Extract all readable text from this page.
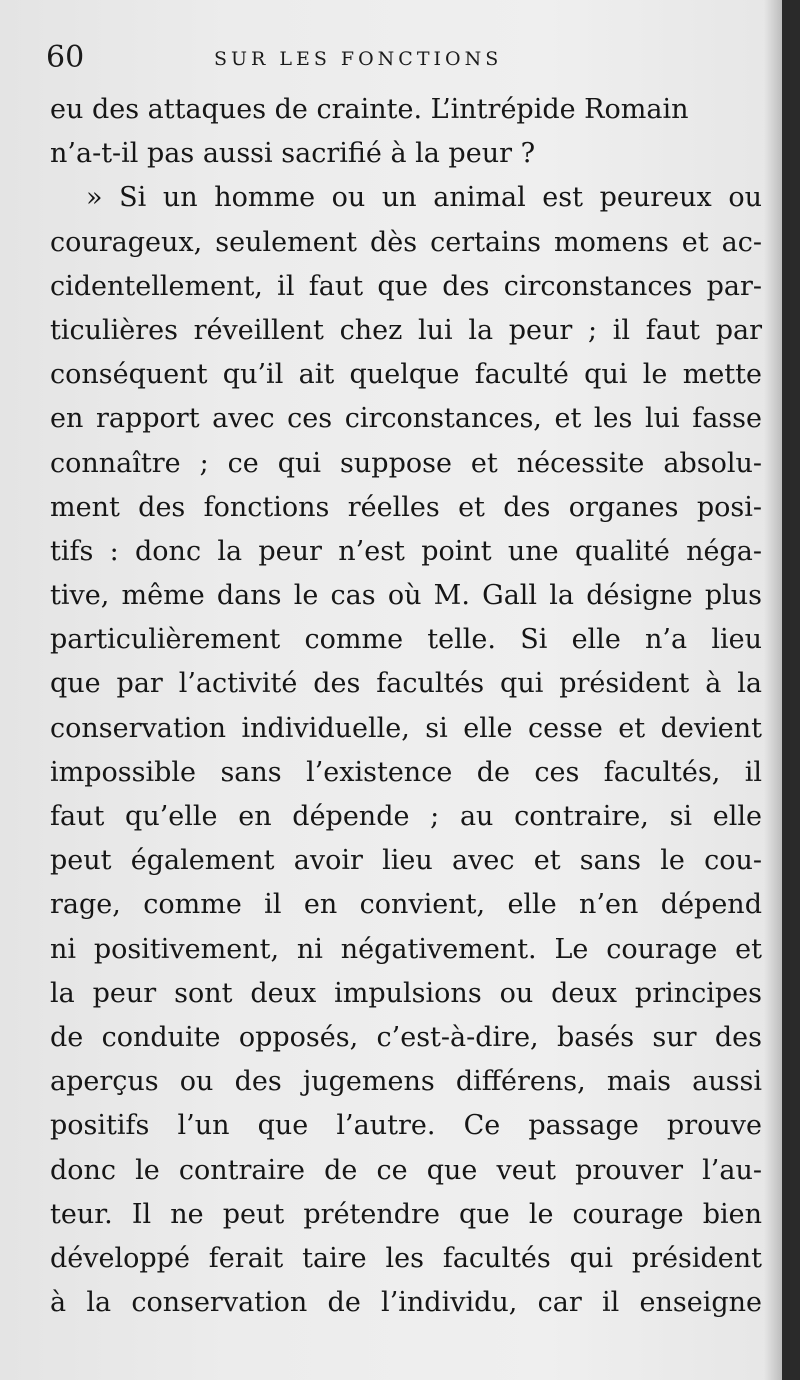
60	SUR LES FONCTIONS
eu des attaques de crainte. L’intrépide Romain
n’a-t-il pas aussi sacrifié à la peur ?
» Si un homme ou un animal est peureux ou
courageux, seulement dès certains momens et ac-
cidentellement, il faut que des circonstances par-
ticulières réveillent chez lui la peur ; il faut par
conséquent qu’il ait quelque faculté qui le mette
en rapport avec ces circonstances, et les lui fasse
connaître ; ce qui suppose et nécessite absolu-
ment des fonctions réelles et des organes posi-
tifs : donc la peur n’est point une qualité néga-
tive, même dans le cas où M. Gall la désigne plus
particulièrement comme telle. Si elle n’a lieu
que par l’activité des facultés qui président à la
conservation individuelle, si elle cesse et devient
impossible sans l’existence de ces facultés, il
faut qu’elle en dépende ; au contraire, si elle
peut également avoir lieu avec et sans le cou-
rage, comme il en convient, elle n’en dépend
ni positivement, ni négativement. Le courage et
la peur sont deux impulsions ou deux principes
de conduite opposés, c’est-à-dire, basés sur des
aperçus ou des jugemens différens, mais aussi
positifs l’un que l’autre. Ce passage prouve
donc le contraire de ce que veut prouver l’au-
teur. Il ne peut prétendre que le courage bien
développé ferait taire les facultés qui président
à la conservation de l’individu, car il enseigne
